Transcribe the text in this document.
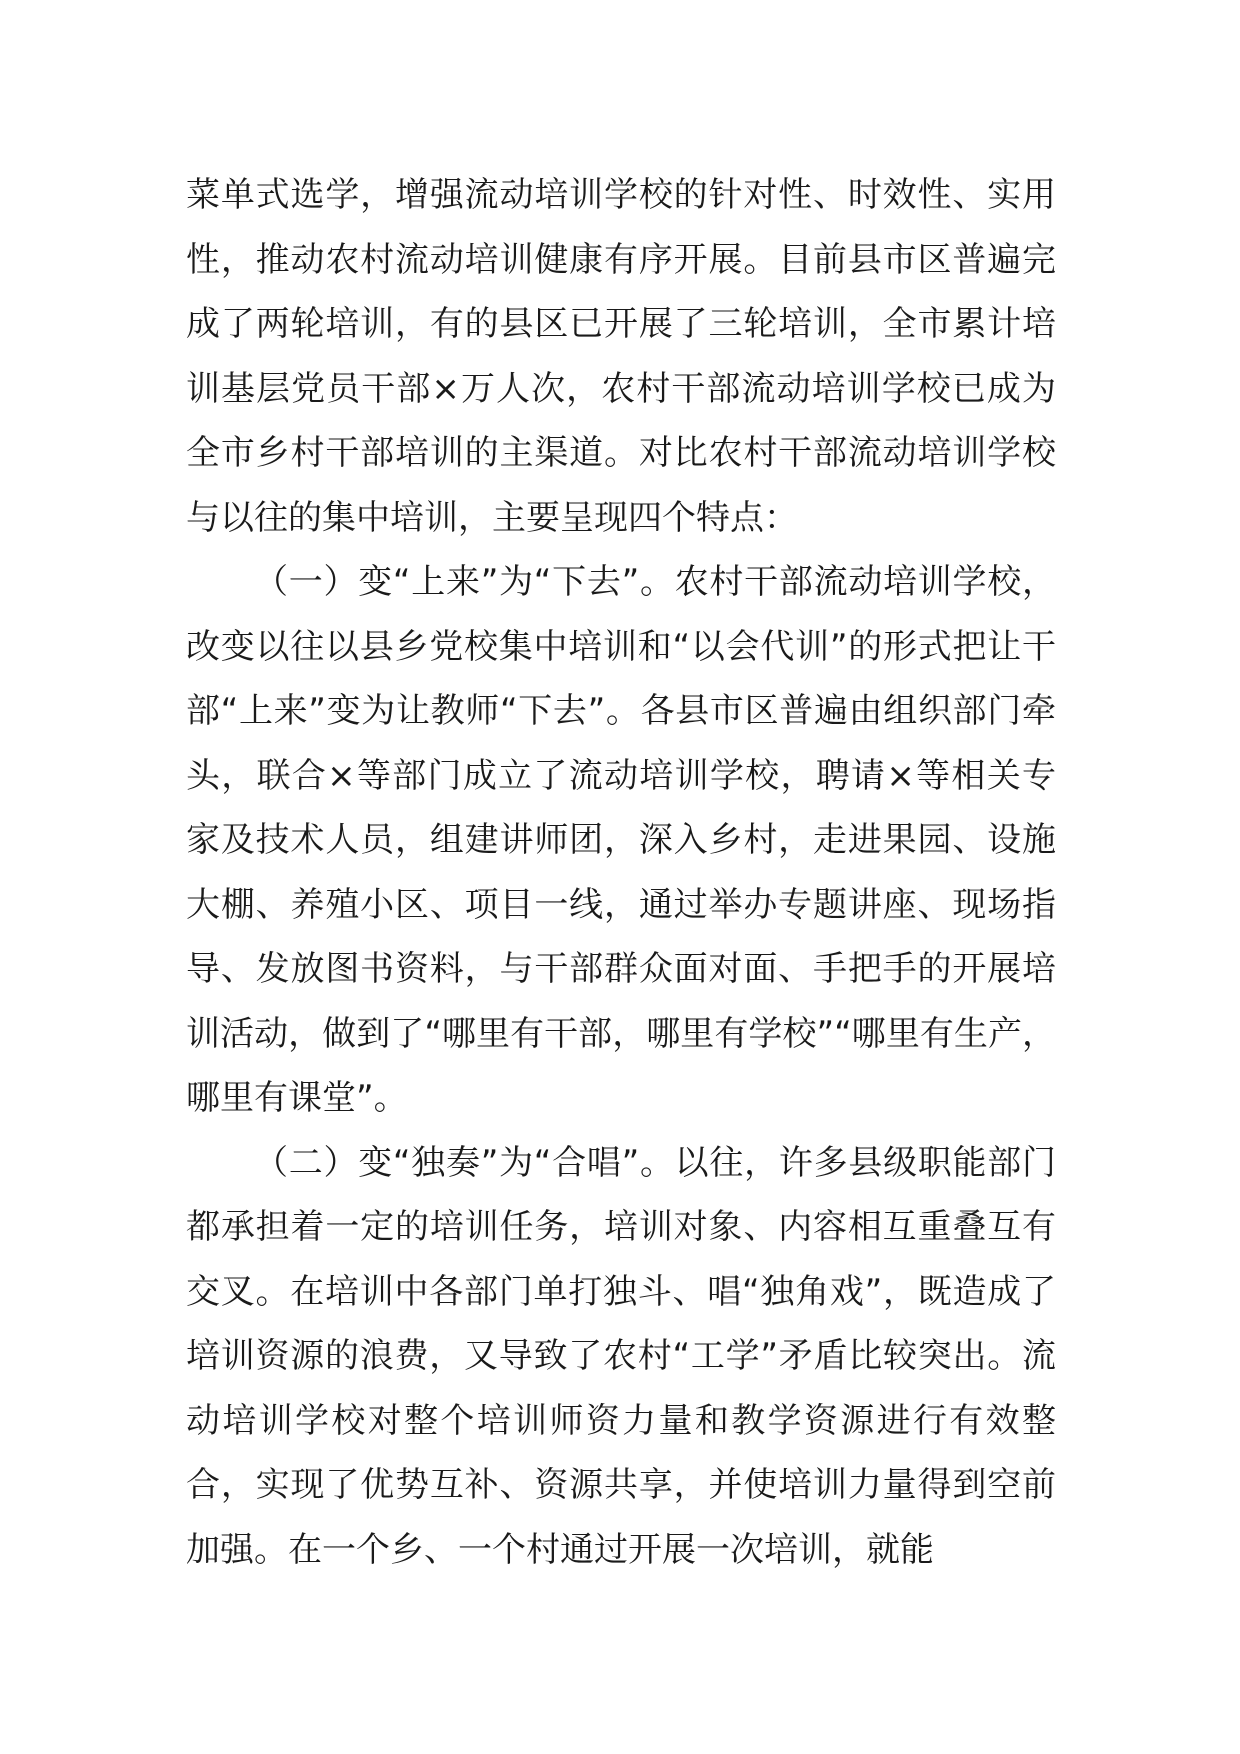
菜单式选学，增强流动培训学校的针对性、时效性、实用性，推动农村流动培训健康有序开展。目前县市区普遍完成了两轮培训，有的县区已开展了三轮培训，全市累计培训基层党员干部×万人次，农村干部流动培训学校已成为全市乡村干部培训的主渠道。对比农村干部流动培训学校与以往的集中培训，主要呈现四个特点：

（一）变“上来”为“下去”。农村干部流动培训学校，改变以往以县乡党校集中培训和“以会代训”的形式把让干部“上来”变为让教师“下去”。各县市区普遍由组织部门牵头，联合×等部门成立了流动培训学校，聘请×等相关专家及技术人员，组建讲师团，深入乡村，走进果园、设施大棚、养殖小区、项目一线，通过举办专题讲座、现场指导、发放图书资料，与干部群众面对面、手把手的开展培训活动，做到了“哪里有干部，哪里有学校”“哪里有生产，哪里有课堂”。

（二）变“独奏”为“合唱”。以往，许多县级职能部门都承担着一定的培训任务，培训对象、内容相互重叠互有交叉。在培训中各部门单打独斗、唱“独角戏”，既造成了培训资源的浪费，又导致了农村“工学”矛盾比较突出。流动培训学校对整个培训师资力量和教学资源进行有效整合，实现了优势互补、资源共享，并使培训力量得到空前加强。在一个乡、一个村通过开展一次培训，就能
